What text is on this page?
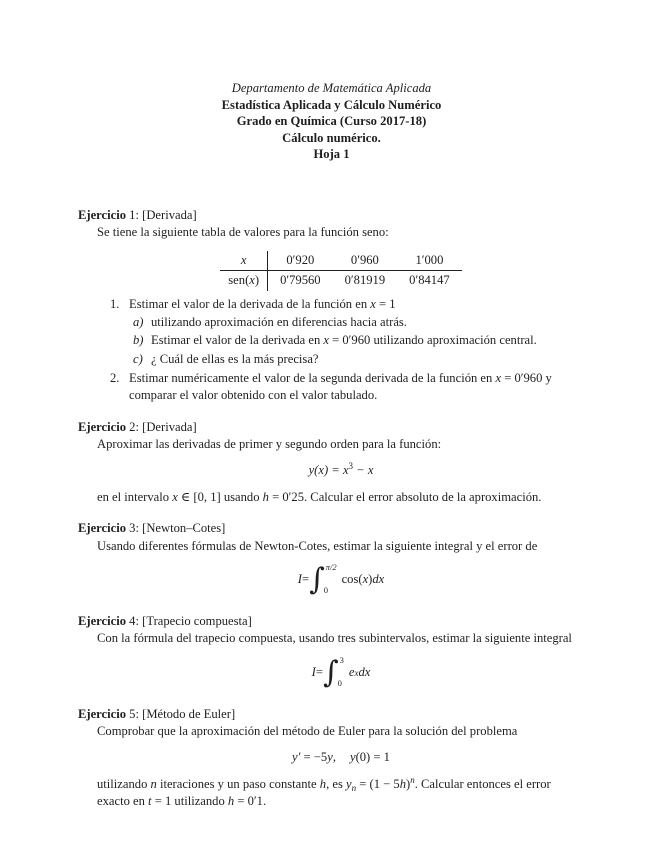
Departamento de Matemática Aplicada
Estadística Aplicada y Cálculo Numérico
Grado en Química (Curso 2017-18)
Cálculo numérico.
Hoja 1
Ejercicio 1: [Derivada]
Se tiene la siguiente tabla de valores para la función seno:
x	0′920	0′960	1′000
sen(x)	0′79560	0′81919	0′84147
1. Estimar el valor de la derivada de la función en x = 1
a) utilizando aproximación en diferencias hacia atrás.
b) Estimar el valor de la derivada en x = 0′960 utilizando aproximación central.
c) ¿ Cuál de ellas es la más precisa?
2. Estimar numéricamente el valor de la segunda derivada de la función en x = 0′960 y comparar el valor obtenido con el valor tabulado.
Ejercicio 2: [Derivada]
Aproximar las derivadas de primer y segundo orden para la función:
$y(x) = x^3 - x$
en el intervalo x ∈ [0, 1] usando h = 0′25. Calcular el error absoluto de la aproximación.
Ejercicio 3: [Newton–Cotes]
Usando diferentes fórmulas de Newton-Cotes, estimar la siguiente integral y el error de
I = ∫ π/2
0
cos( x ) dx
Ejercicio 4: [Trapecio compuesta]
Con la fórmula del trapecio compuesta, usando tres subintervalos, estimar la siguiente integral
I = ∫ 3
0
e x dx
Ejercicio 5: [Método de Euler]
Comprobar que la aproximación del método de Euler para la solución del problema
y′ = −5y, y(0) = 1
utilizando n iteraciones y un paso constante h, es $y_n = (1 - 5h)^n$. Calcular entonces el error exacto en t = 1 utilizando h = 0′1.
